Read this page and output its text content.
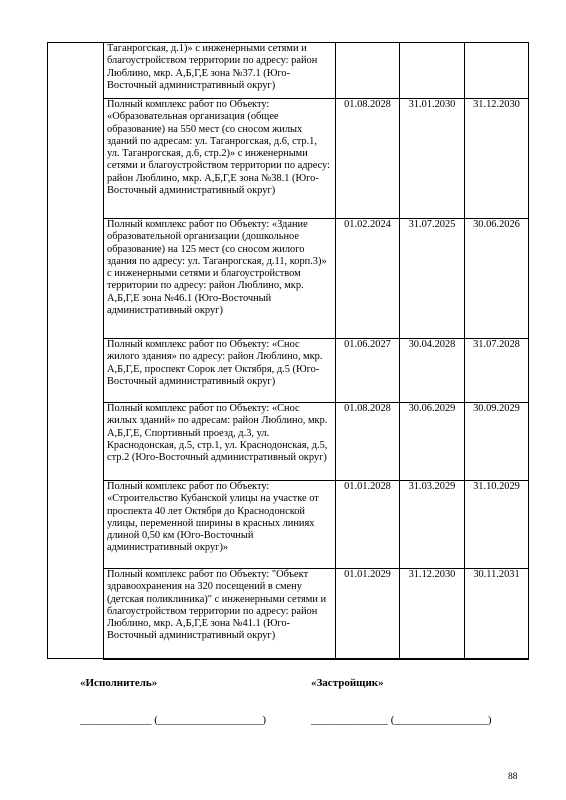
	Таганрогская, д.1)» с инженерными сетями и благоустройством территории по адресу: район Люблино, мкр. А,Б,Г,Е зона №37.1 (Юго-Восточный административный округ)			
	Полный комплекс работ по Объекту: «Образовательная организация (общее образование) на 550 мест (со сносом жилых зданий по адресам: ул. Таганрогская, д.6, стр.1, ул. Таганрогская, д.6, стр.2)» с инженерными сетями и благоустройством территории по адресу: район Люблино, мкр. А,Б,Г,Е зона №38.1 (Юго-Восточный административный округ)	01.08.2028	31.01.2030	31.12.2030
	Полный комплекс работ по Объекту: «Здание образовательной организации (дошкольное образование) на 125 мест (со сносом жилого здания по адресу: ул. Таганрогская, д.11, корп.3)» с инженерными сетями и благоустройством территории по адресу: район Люблино, мкр. А,Б,Г,Е зона №46.1 (Юго-Восточный административный округ)	01.02.2024	31.07.2025	30.06.2026
	Полный комплекс работ по Объекту: «Снос жилого здания» по адресу: район Люблино, мкр. А,Б,Г,Е, проспект Сорок лет Октября, д.5 (Юго-Восточный административный округ)	01.06.2027	30.04.2028	31.07.2028
	Полный комплекс работ по Объекту: «Снос жилых зданий» по адресам: район Люблино, мкр. А,Б,Г,Е, Спортивный проезд, д.3, ул. Краснодонская, д.5, стр.1, ул. Краснодонская, д.5, стр.2 (Юго-Восточный административный округ)	01.08.2028	30.06.2029	30.09.2029
	Полный комплекс работ по Объекту: «Строительство Кубанской улицы на участке от проспекта 40 лет Октября до Краснодонской улицы, переменной ширины в красных линиях длиной 0,50 км (Юго-Восточный административный округ)»	01.01.2028	31.03.2029	31.10.2029
	Полный комплекс работ по Объекту: "Объект здравоохранения на 320 посещений в смену (детская поликлиника)" с инженерными сетями и благоустройством территории по адресу: район Люблино, мкр. А,Б,Г,Е зона №41.1 (Юго-Восточный административный округ)	01.01.2029	31.12.2030	30.11.2031
«Исполнитель»	«Застройщик»
_____________ (___________________)	______________ (_________________)
88
